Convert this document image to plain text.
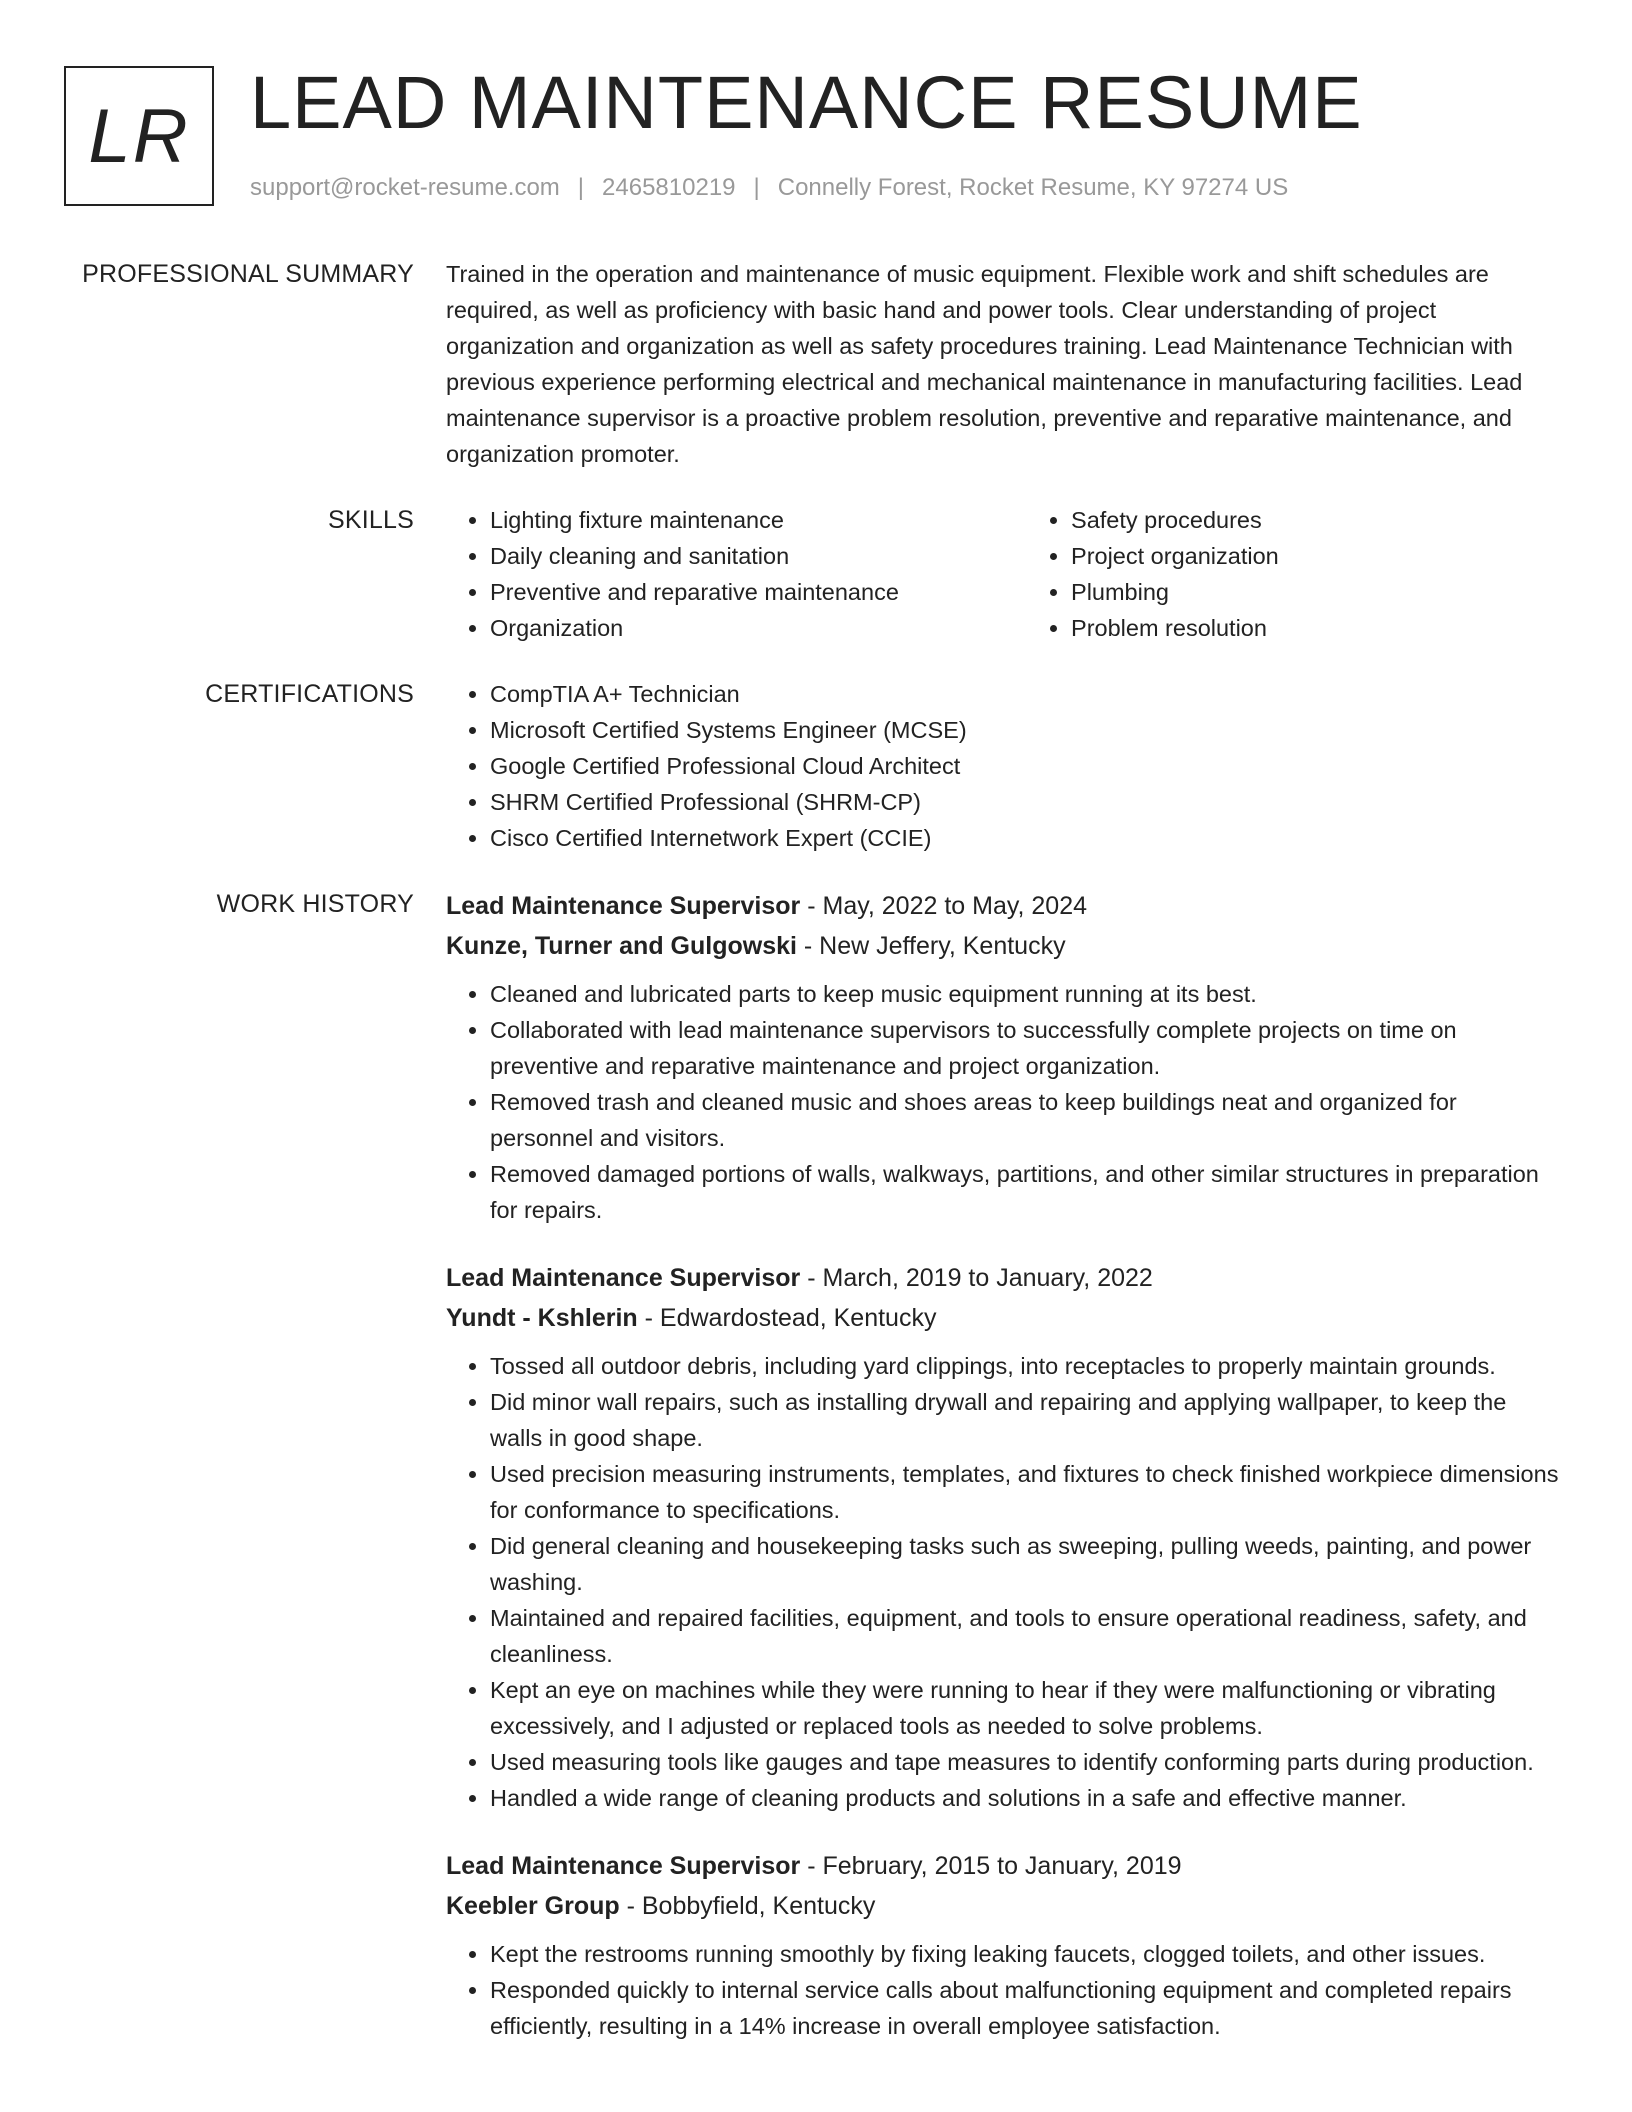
LR LEAD MAINTENANCE RESUME
support@rocket-resume.com | 2465810219 | Connelly Forest, Rocket Resume, KY 97274 US
PROFESSIONAL SUMMARY Trained in the operation and maintenance of music equipment. Flexible work and shift schedules are required, as well as proficiency with basic hand and power tools. Clear understanding of project organization and organization as well as safety procedures training. Lead Maintenance Technician with previous experience performing electrical and mechanical maintenance in manufacturing facilities. Lead maintenance supervisor is a proactive problem resolution, preventive and reparative maintenance, and organization promoter.

SKILLS	• Lighting fixture maintenance
• Daily cleaning and sanitation
• Preventive and reparative maintenance
• Organization
• Safety procedures
• Project organization
• Plumbing
• Problem resolution
CERTIFICATIONS	• CompTIA A+ Technician
• Microsoft Certified Systems Engineer (MCSE)
• Google Certified Professional Cloud Architect
• SHRM Certified Professional (SHRM-CP)
• Cisco Certified Internetwork Expert (CCIE)
WORK HISTORY Lead Maintenance Supervisor - May, 2022 to May, 2024
Kunze, Turner and Gulgowski - New Jeffery, Kentucky
• Cleaned and lubricated parts to keep music equipment running at its best.
• Collaborated with lead maintenance supervisors to successfully complete projects on time on preventive and reparative maintenance and project organization.
• Removed trash and cleaned music and shoes areas to keep buildings neat and organized for personnel and visitors.
• Removed damaged portions of walls, walkways, partitions, and other similar structures in preparation for repairs.
Lead Maintenance Supervisor - March, 2019 to January, 2022
Yundt - Kshlerin - Edwardostead, Kentucky
• Tossed all outdoor debris, including yard clippings, into receptacles to properly maintain grounds.
• Did minor wall repairs, such as installing drywall and repairing and applying wallpaper, to keep the walls in good shape.
• Used precision measuring instruments, templates, and fixtures to check finished workpiece dimensions for conformance to specifications.
• Did general cleaning and housekeeping tasks such as sweeping, pulling weeds, painting, and power washing.
• Maintained and repaired facilities, equipment, and tools to ensure operational readiness, safety, and cleanliness.
• Kept an eye on machines while they were running to hear if they were malfunctioning or vibrating excessively, and I adjusted or replaced tools as needed to solve problems.
• Used measuring tools like gauges and tape measures to identify conforming parts during production.
• Handled a wide range of cleaning products and solutions in a safe and effective manner.
Lead Maintenance Supervisor - February, 2015 to January, 2019
Keebler Group - Bobbyfield, Kentucky
• Kept the restrooms running smoothly by fixing leaking faucets, clogged toilets, and other issues.
• Responded quickly to internal service calls about malfunctioning equipment and completed repairs efficiently, resulting in a 14% increase in overall employee satisfaction.
